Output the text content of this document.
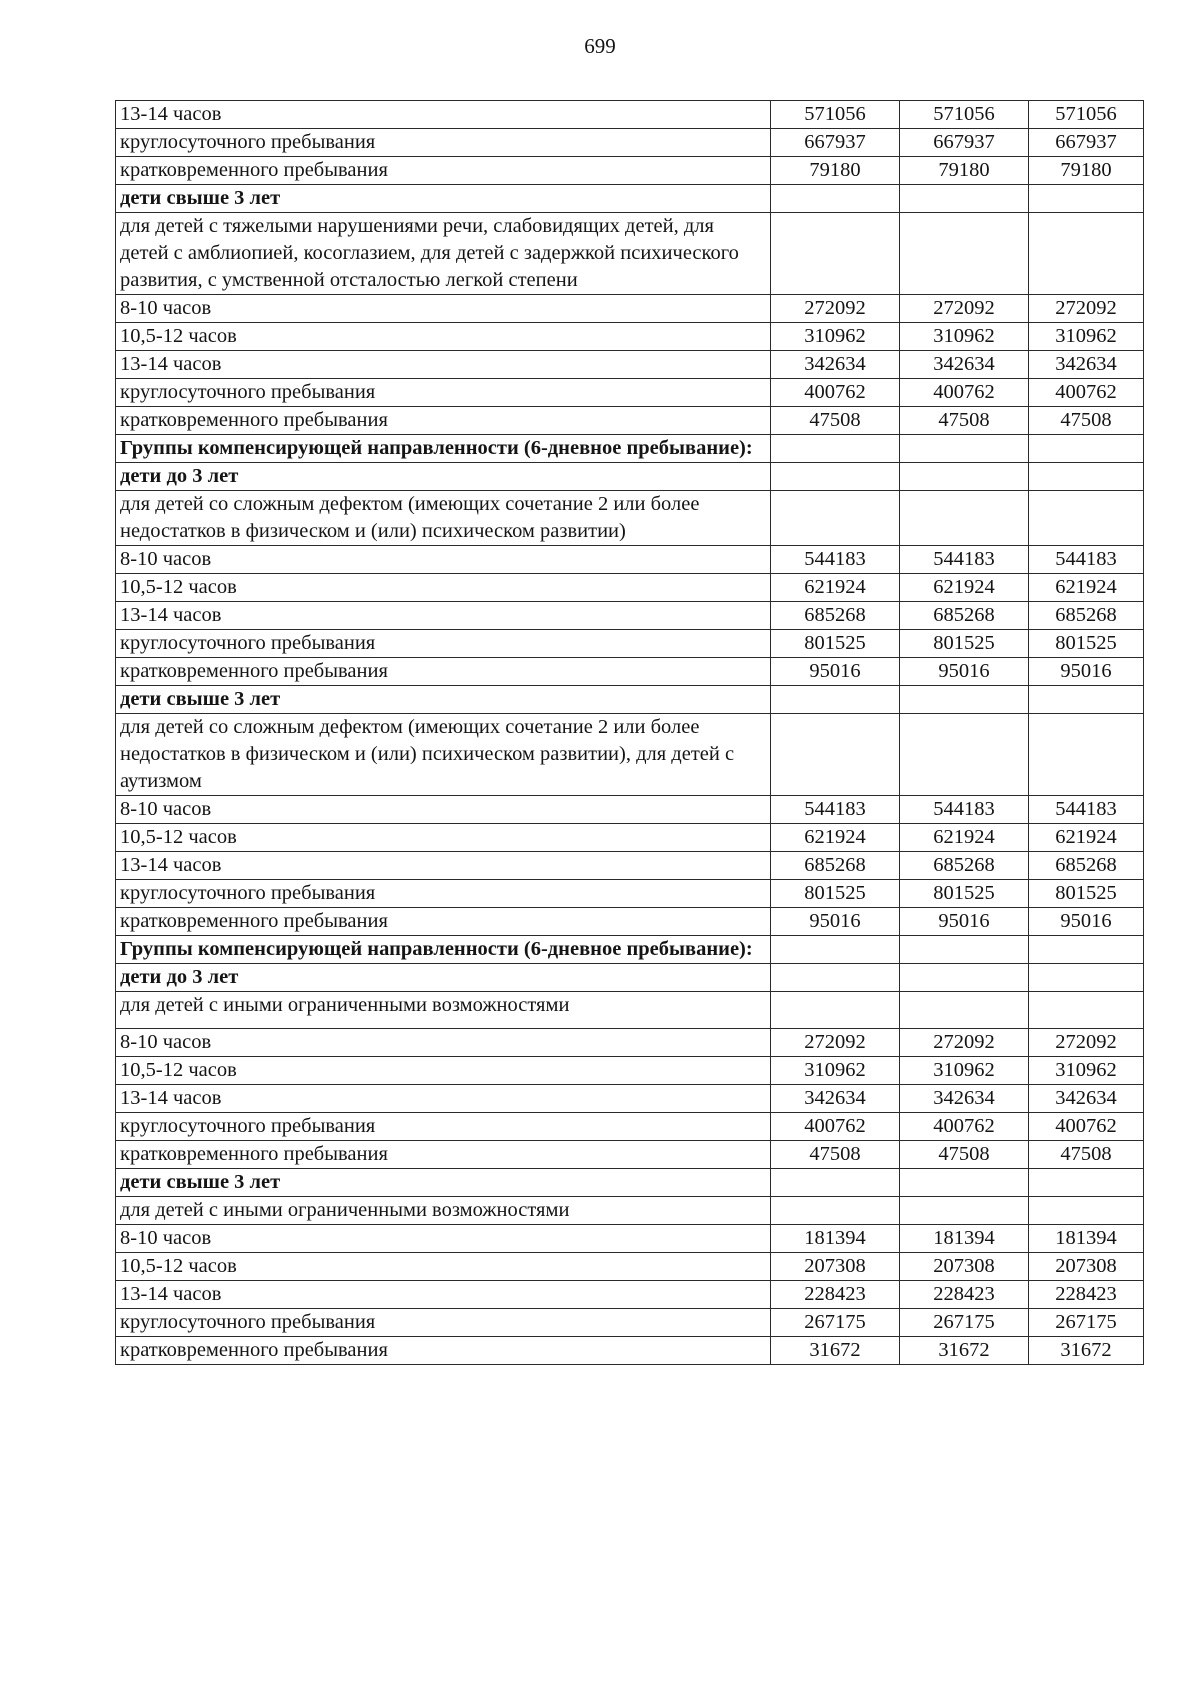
699
13-14 часов	571056	571056	571056
круглосуточного пребывания	667937	667937	667937
кратковременного пребывания	79180	79180	79180
дети свыше 3 лет			
для детей с тяжелыми нарушениями речи, слабовидящих детей, для детей с амблиопией, косоглазием, для детей с задержкой психического развития, с умственной отсталостью легкой степени			
8-10 часов	272092	272092	272092
10,5-12 часов	310962	310962	310962
13-14 часов	342634	342634	342634
круглосуточного пребывания	400762	400762	400762
кратковременного пребывания	47508	47508	47508
Группы компенсирующей направленности (6-дневное пребывание):			
дети до 3 лет			
для детей со сложным дефектом (имеющих сочетание 2 или более недостатков в физическом и (или) психическом развитии)			
8-10 часов	544183	544183	544183
10,5-12 часов	621924	621924	621924
13-14 часов	685268	685268	685268
круглосуточного пребывания	801525	801525	801525
кратковременного пребывания	95016	95016	95016
дети свыше 3 лет			
для детей со сложным дефектом (имеющих сочетание 2 или более недостатков в физическом и (или) психическом развитии), для детей с аутизмом			
8-10 часов	544183	544183	544183
10,5-12 часов	621924	621924	621924
13-14 часов	685268	685268	685268
круглосуточного пребывания	801525	801525	801525
кратковременного пребывания	95016	95016	95016
Группы компенсирующей направленности (6-дневное пребывание):			
дети до 3 лет			
для детей с иными ограниченными возможностями			
8-10 часов	272092	272092	272092
10,5-12 часов	310962	310962	310962
13-14 часов	342634	342634	342634
круглосуточного пребывания	400762	400762	400762
кратковременного пребывания	47508	47508	47508
дети свыше 3 лет			
для детей с иными ограниченными возможностями			
8-10 часов	181394	181394	181394
10,5-12 часов	207308	207308	207308
13-14 часов	228423	228423	228423
круглосуточного пребывания	267175	267175	267175
кратковременного пребывания	31672	31672	31672
